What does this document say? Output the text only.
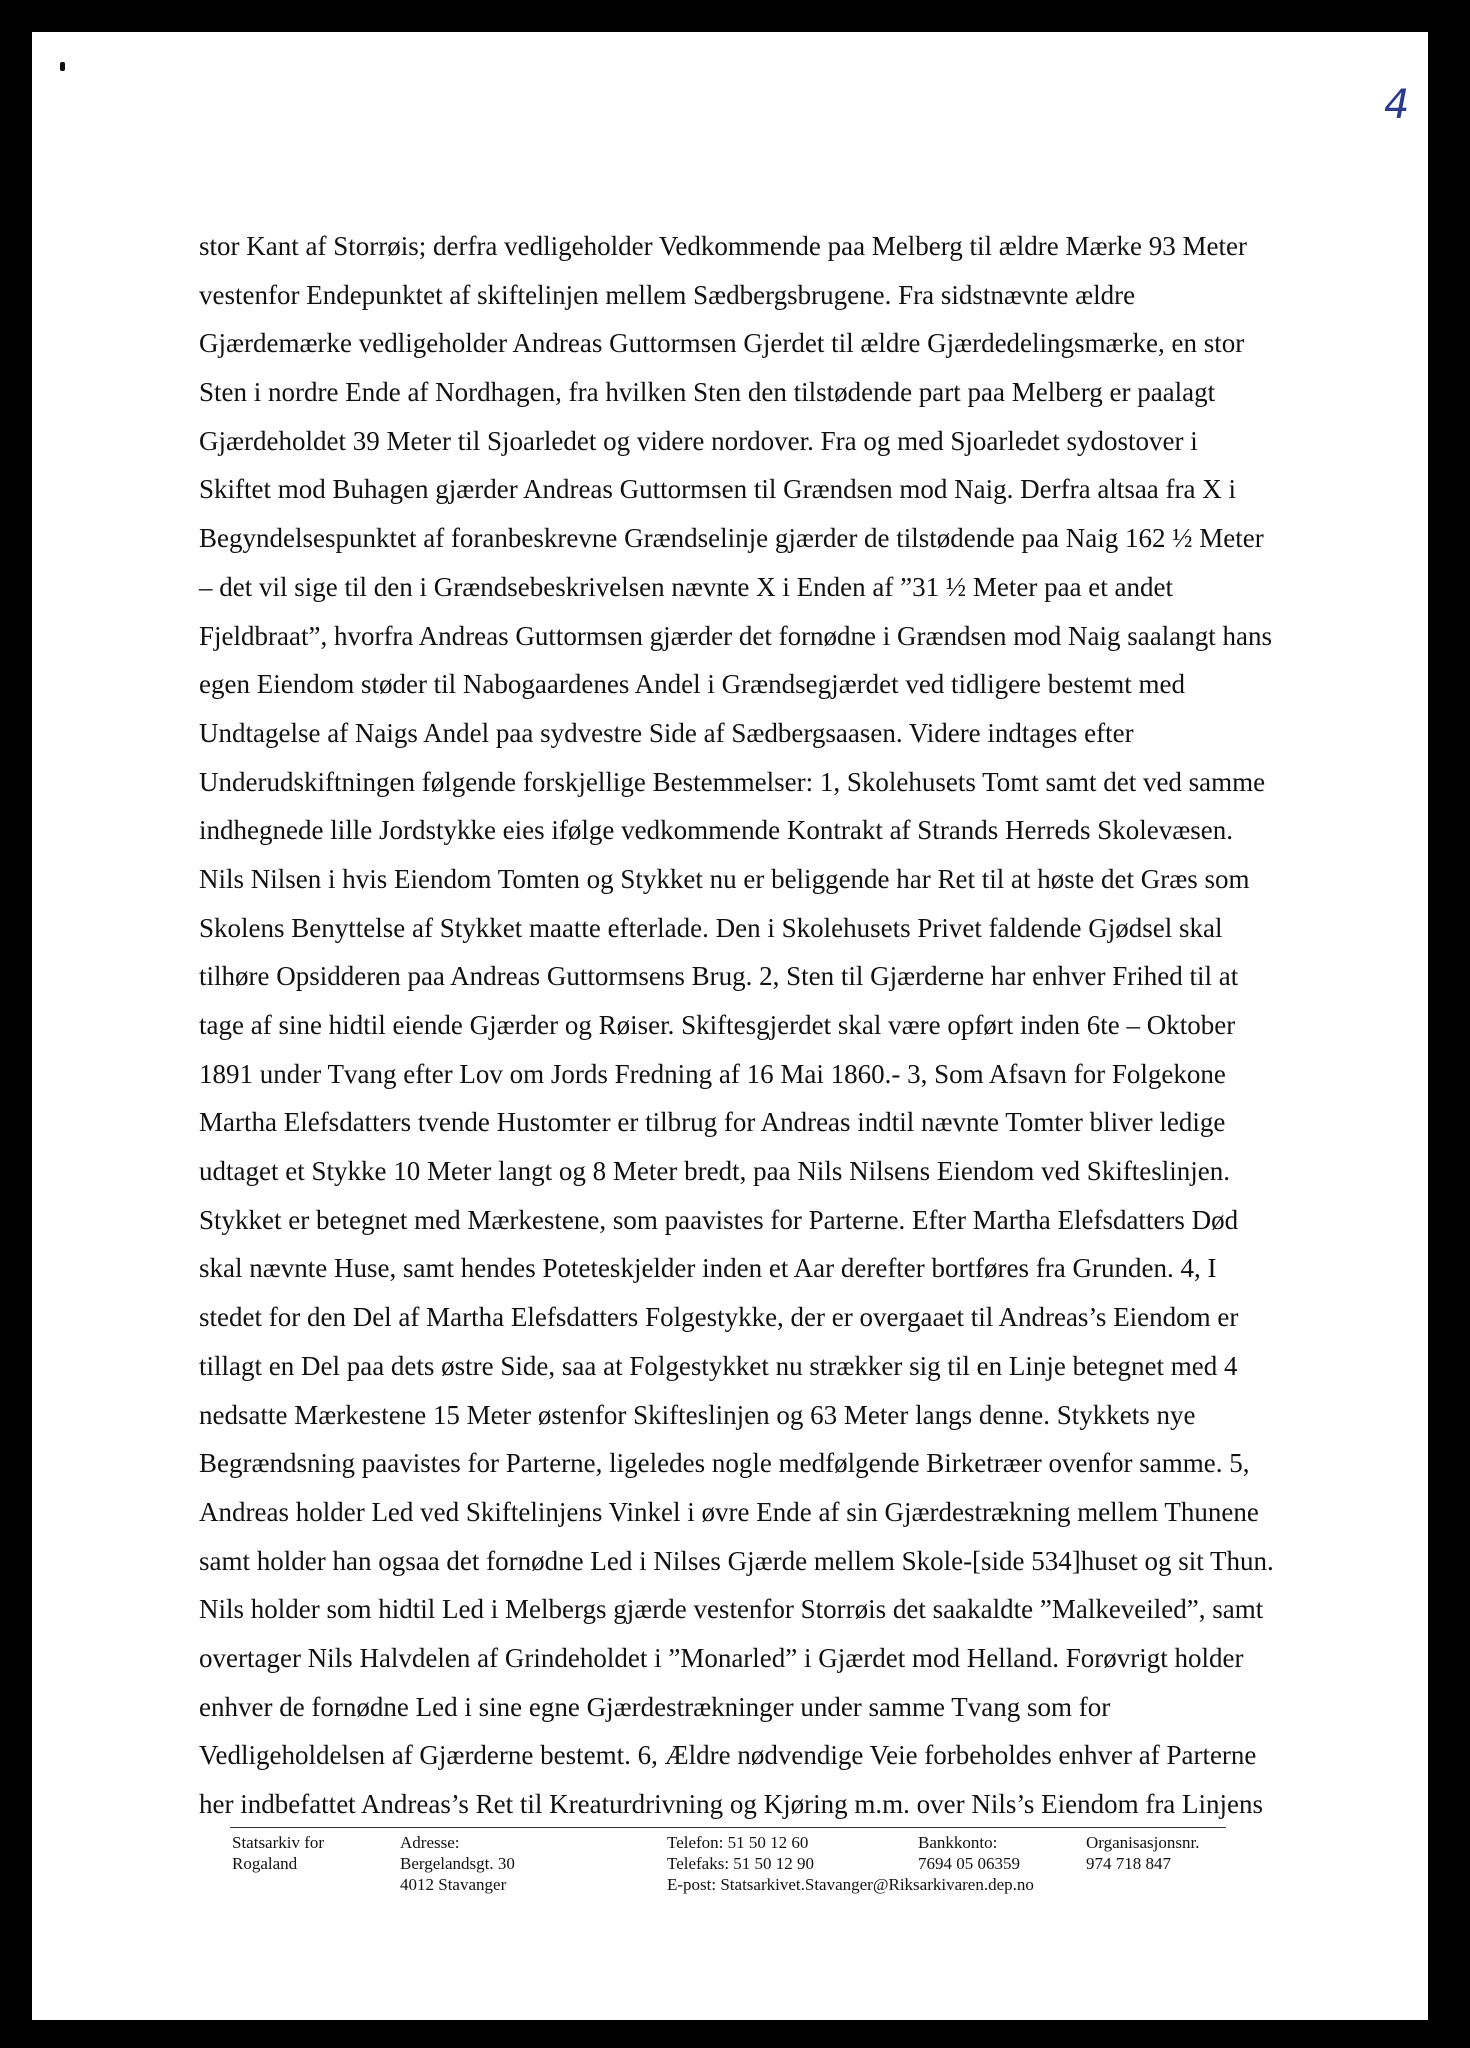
4
stor Kant af Storrøis; derfra vedligeholder Vedkommende paa Melberg til ældre Mærke 93 Meter
vestenfor Endepunktet af skiftelinjen mellem Sædbergsbrugene. Fra sidstnævnte ældre
Gjærdemærke vedligeholder Andreas Guttormsen Gjerdet til ældre Gjærdedelingsmærke, en stor
Sten i nordre Ende af Nordhagen, fra hvilken Sten den tilstødende part paa Melberg er paalagt
Gjærdeholdet 39 Meter til Sjoarledet og videre nordover. Fra og med Sjoarledet sydostover i
Skiftet mod Buhagen gjærder Andreas Guttormsen til Grændsen mod Naig. Derfra altsaa fra X i
Begyndelsespunktet af foranbeskrevne Grændselinje gjærder de tilstødende paa Naig 162 ½ Meter
– det vil sige til den i Grændsebeskrivelsen nævnte X i Enden af ”31 ½ Meter paa et andet
Fjeldbraat”, hvorfra Andreas Guttormsen gjærder det fornødne i Grændsen mod Naig saalangt hans
egen Eiendom støder til Nabogaardenes Andel i Grændsegjærdet ved tidligere bestemt med
Undtagelse af Naigs Andel paa sydvestre Side af Sædbergsaasen. Videre indtages efter
Underudskiftningen følgende forskjellige Bestemmelser: 1, Skolehusets Tomt samt det ved samme
indhegnede lille Jordstykke eies ifølge vedkommende Kontrakt af Strands Herreds Skolevæsen.
Nils Nilsen i hvis Eiendom Tomten og Stykket nu er beliggende har Ret til at høste det Græs som
Skolens Benyttelse af Stykket maatte efterlade. Den i Skolehusets Privet faldende Gjødsel skal
tilhøre Opsidderen paa Andreas Guttormsens Brug. 2, Sten til Gjærderne har enhver Frihed til at
tage af sine hidtil eiende Gjærder og Røiser. Skiftesgjerdet skal være opført inden 6te – Oktober
1891 under Tvang efter Lov om Jords Fredning af 16 Mai 1860.- 3, Som Afsavn for Folgekone
Martha Elefsdatters tvende Hustomter er tilbrug for Andreas indtil nævnte Tomter bliver ledige
udtaget et Stykke 10 Meter langt og 8 Meter bredt, paa Nils Nilsens Eiendom ved Skifteslinjen.
Stykket er betegnet med Mærkestene, som paavistes for Parterne. Efter Martha Elefsdatters Død
skal nævnte Huse, samt hendes Poteteskjelder inden et Aar derefter bortføres fra Grunden. 4, I
stedet for den Del af Martha Elefsdatters Folgestykke, der er overgaaet til Andreas’s Eiendom er
tillagt en Del paa dets østre Side, saa at Folgestykket nu strækker sig til en Linje betegnet med 4
nedsatte Mærkestene 15 Meter østenfor Skifteslinjen og 63 Meter langs denne. Stykkets nye
Begrændsning paavistes for Parterne, ligeledes nogle medfølgende Birketræer ovenfor samme. 5,
Andreas holder Led ved Skiftelinjens Vinkel i øvre Ende af sin Gjærdestrækning mellem Thunene
samt holder han ogsaa det fornødne Led i Nilses Gjærde mellem Skole-[side 534]huset og sit Thun.
Nils holder som hidtil Led i Melbergs gjærde vestenfor Storrøis det saakaldte ”Malkeveiled”, samt
overtager Nils Halvdelen af Grindeholdet i ”Monarled” i Gjærdet mod Helland. Forøvrigt holder
enhver de fornødne Led i sine egne Gjærdestrækninger under samme Tvang som for
Vedligeholdelsen af Gjærderne bestemt. 6, Ældre nødvendige Veie forbeholdes enhver af Parterne
her indbefattet Andreas’s Ret til Kreaturdrivning og Kjøring m.m. over Nils’s Eiendom fra Linjens
Statsarkiv for
Rogaland
Adresse:
Bergelandsgt. 30
4012 Stavanger
Telefon: 51 50 12 60
Telefaks: 51 50 12 90
E-post: Statsarkivet.Stavanger@Riksarkivaren.dep.no
Bankkonto:
7694 05 06359
Organisasjonsnr.
974 718 847
